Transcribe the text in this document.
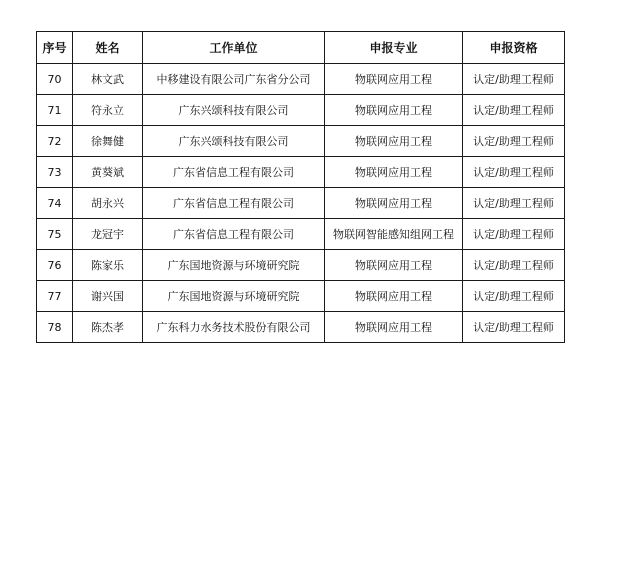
序号	姓名	工作单位	申报专业	申报资格
70	林文武	中移建设有限公司广东省分公司	物联网应用工程	认定/助理工程师
71	符永立	广东兴颂科技有限公司	物联网应用工程	认定/助理工程师
72	徐舞健	广东兴颂科技有限公司	物联网应用工程	认定/助理工程师
73	黄葵斌	广东省信息工程有限公司	物联网应用工程	认定/助理工程师
74	胡永兴	广东省信息工程有限公司	物联网应用工程	认定/助理工程师
75	龙冠宇	广东省信息工程有限公司	物联网智能感知组网工程	认定/助理工程师
76	陈家乐	广东国地资源与环境研究院	物联网应用工程	认定/助理工程师
77	谢兴国	广东国地资源与环境研究院	物联网应用工程	认定/助理工程师
78	陈杰孝	广东科力水务技术股份有限公司	物联网应用工程	认定/助理工程师
